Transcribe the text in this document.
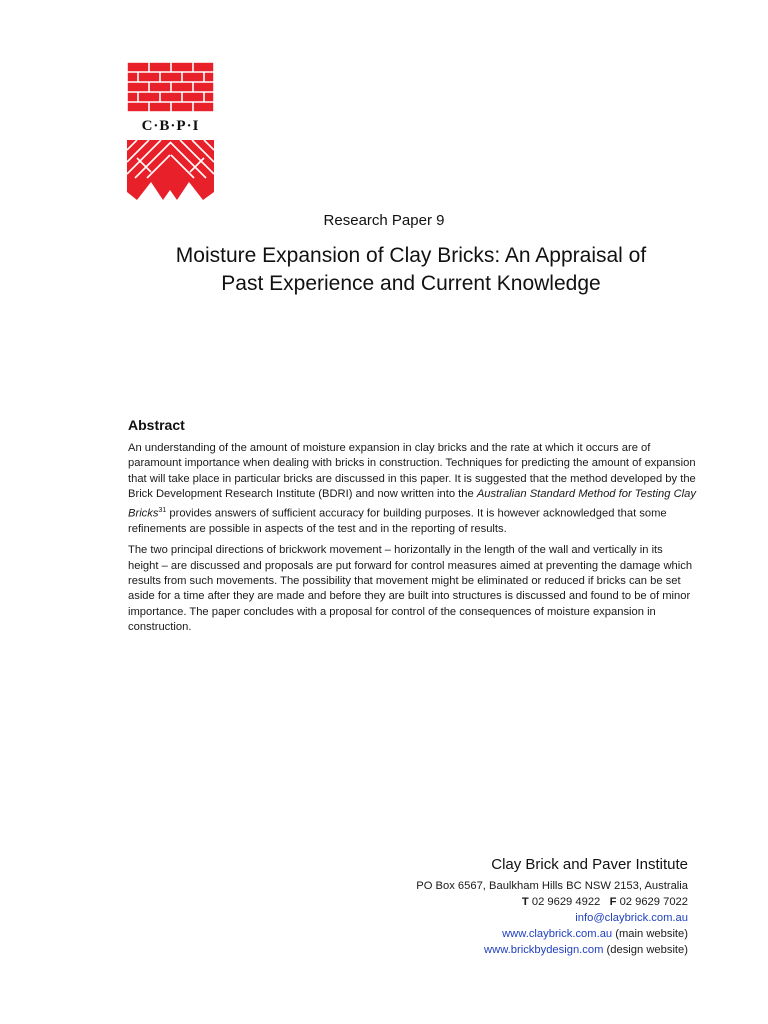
C·B·P·I
Research Paper 9
Moisture Expansion of Clay Bricks: An Appraisal of
Past Experience and Current Knowledge
Abstract

An understanding of the amount of moisture expansion in clay bricks and the rate at which it occurs are of paramount importance when dealing with bricks in construction. Techniques for predicting the amount of expansion that will take place in particular bricks are discussed in this paper. It is suggested that the method developed by the Brick Development Research Institute (BDRI) and now written into the Australian Standard Method for Testing Clay Bricks$^{31}$ provides answers of sufficient accuracy for building purposes. It is however acknowledged that some refinements are possible in aspects of the test and in the reporting of results.

The two principal directions of brickwork movement – horizontally in the length of the wall and vertically in its height – are discussed and proposals are put forward for control measures aimed at preventing the damage which results from such movements. The possibility that movement might be eliminated or reduced if bricks can be set aside for a time after they are made and before they are built into structures is discussed and found to be of minor importance. The paper concludes with a proposal for control of the consequences of moisture expansion in construction.

Clay Brick and Paver Institute
PO Box 6567, Baulkham Hills BC NSW 2153, Australia
T 02 9629 4922 F 02 9629 7022
info@claybrick.com.au
www.claybrick.com.au (main website)
www.brickbydesign.com (design website)
